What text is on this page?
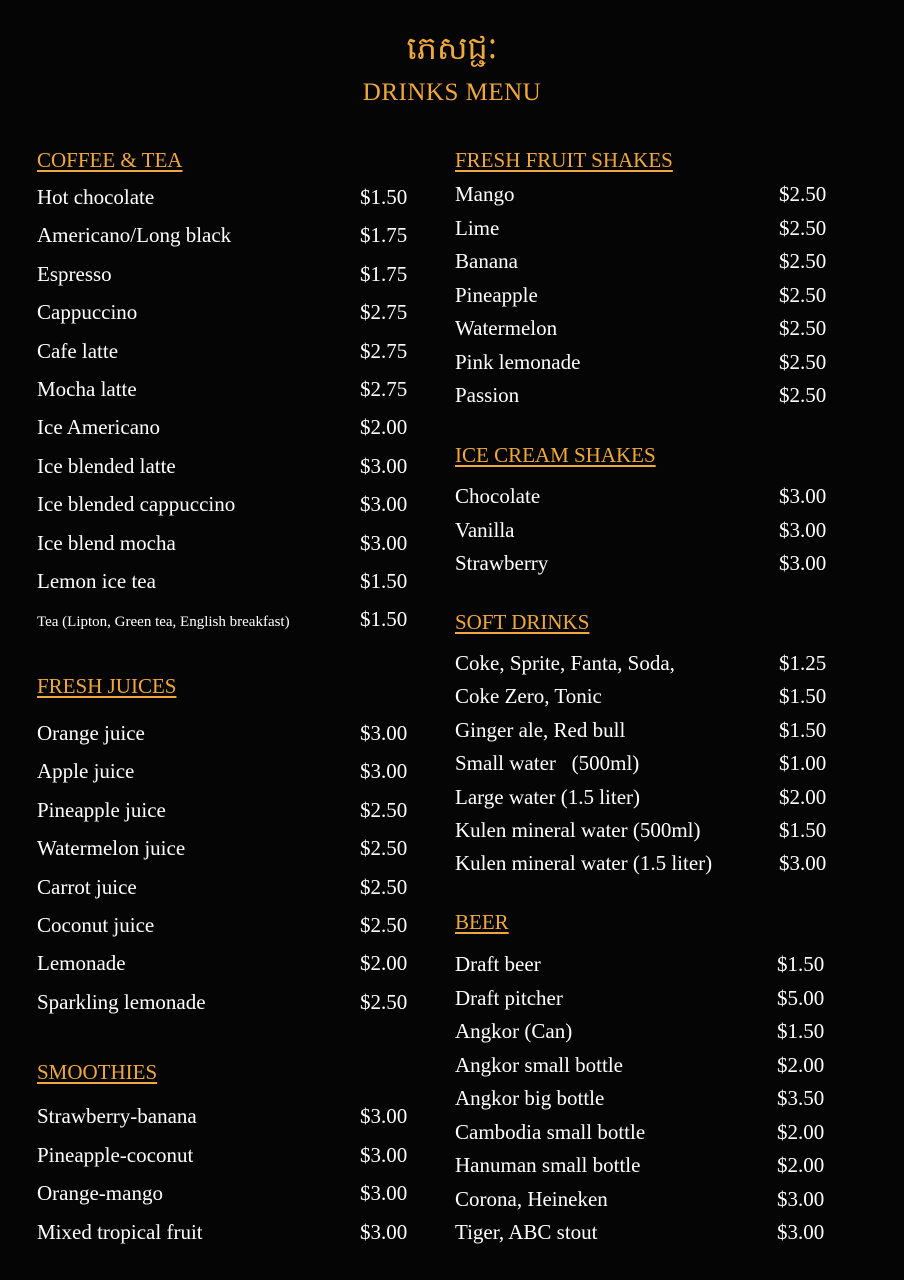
ភេសជ្ជៈ
DRINKS MENU
COFFEE & TEA
Hot chocolate	$1.50
Americano/Long black	$1.75
Espresso	$1.75
Cappuccino	$2.75
Cafe latte	$2.75
Mocha latte	$2.75
Ice Americano	$2.00
Ice blended latte	$3.00
Ice blended cappuccino	$3.00
Ice blend mocha	$3.00
Lemon ice tea	$1.50
Tea (Lipton, Green tea, English breakfast)	$1.50
FRESH JUICES
Orange juice	$3.00
Apple juice	$3.00
Pineapple juice	$2.50
Watermelon juice	$2.50
Carrot juice	$2.50
Coconut juice	$2.50
Lemonade	$2.00
Sparkling lemonade	$2.50
SMOOTHIES
Strawberry-banana	$3.00
Pineapple-coconut	$3.00
Orange-mango	$3.00
Mixed tropical fruit	$3.00
FRESH FRUIT SHAKES
Mango	$2.50
Lime	$2.50
Banana	$2.50
Pineapple	$2.50
Watermelon	$2.50
Pink lemonade	$2.50
Passion	$2.50
ICE CREAM SHAKES
Chocolate	$3.00
Vanilla	$3.00
Strawberry	$3.00
SOFT DRINKS
Coke, Sprite, Fanta, Soda,	$1.25
Coke Zero, Tonic	$1.50
Ginger ale, Red bull	$1.50
Small water   (500ml)	$1.00
Large water (1.5 liter)	$2.00
Kulen mineral water (500ml)	$1.50
Kulen mineral water (1.5 liter)	$3.00
BEER
Draft beer	$1.50
Draft pitcher	$5.00
Angkor (Can)	$1.50
Angkor small bottle	$2.00
Angkor big bottle	$3.50
Cambodia small bottle	$2.00
Hanuman small bottle	$2.00
Corona, Heineken	$3.00
Tiger, ABC stout	$3.00
